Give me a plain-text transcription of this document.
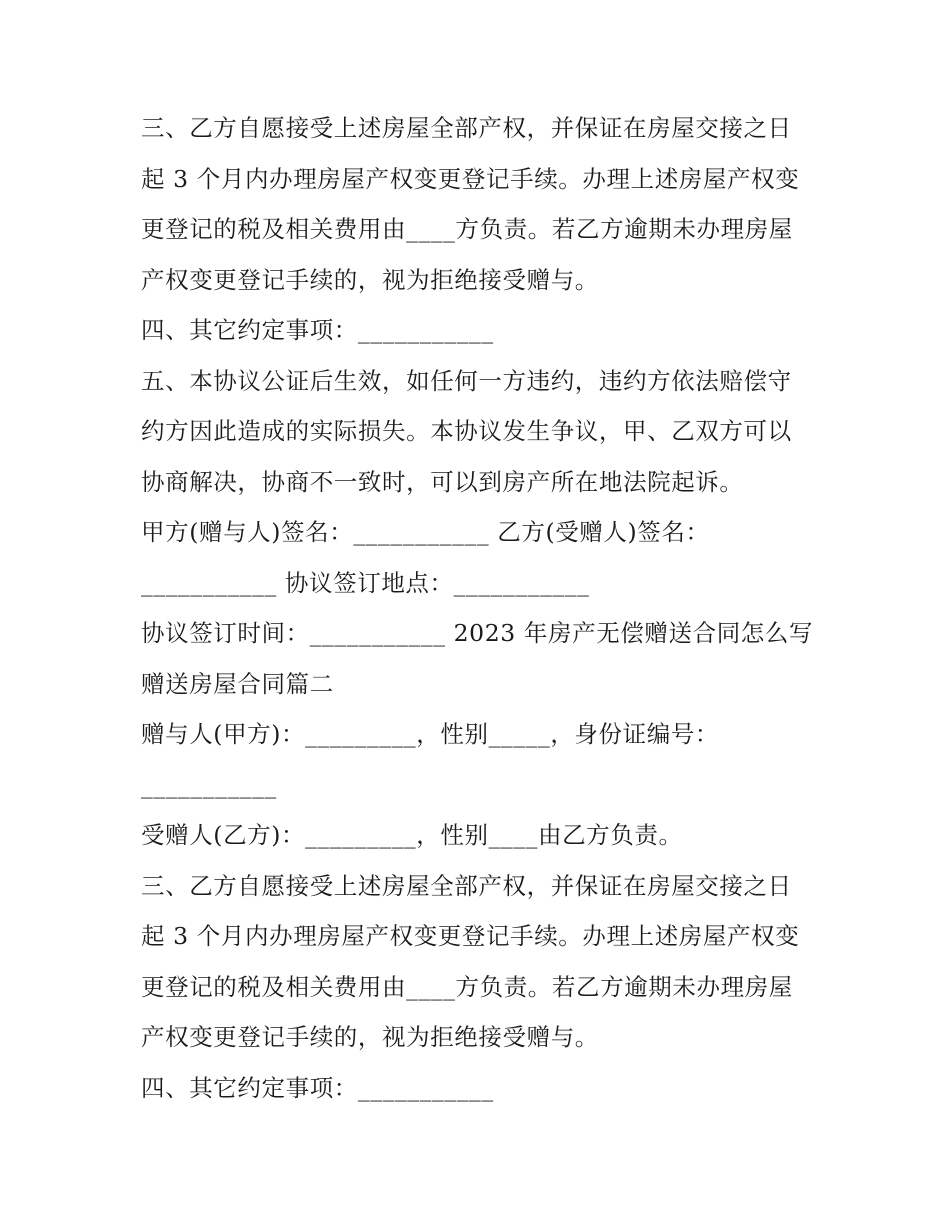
三、乙方自愿接受上述房屋全部产权，并保证在房屋交接之日
起 3 个月内办理房屋产权变更登记手续。办理上述房屋产权变
更登记的税及相关费用由____方负责。若乙方逾期未办理房屋
产权变更登记手续的，视为拒绝接受赠与。
四、其它约定事项：___________
五、本协议公证后生效，如任何一方违约，违约方依法赔偿守
约方因此造成的实际损失。本协议发生争议，甲、乙双方可以
协商解决，协商不一致时，可以到房产所在地法院起诉。
甲方(赠与人)签名：___________ 乙方(受赠人)签名：
___________ 协议签订地点：___________
协议签订时间：___________ 2023 年房产无偿赠送合同怎么写
赠送房屋合同篇二
赠与人(甲方)：_________，性别_____，身份证编号：
___________
受赠人(乙方)：_________，性别____由乙方负责。
三、乙方自愿接受上述房屋全部产权，并保证在房屋交接之日
起 3 个月内办理房屋产权变更登记手续。办理上述房屋产权变
更登记的税及相关费用由____方负责。若乙方逾期未办理房屋
产权变更登记手续的，视为拒绝接受赠与。
四、其它约定事项：___________
